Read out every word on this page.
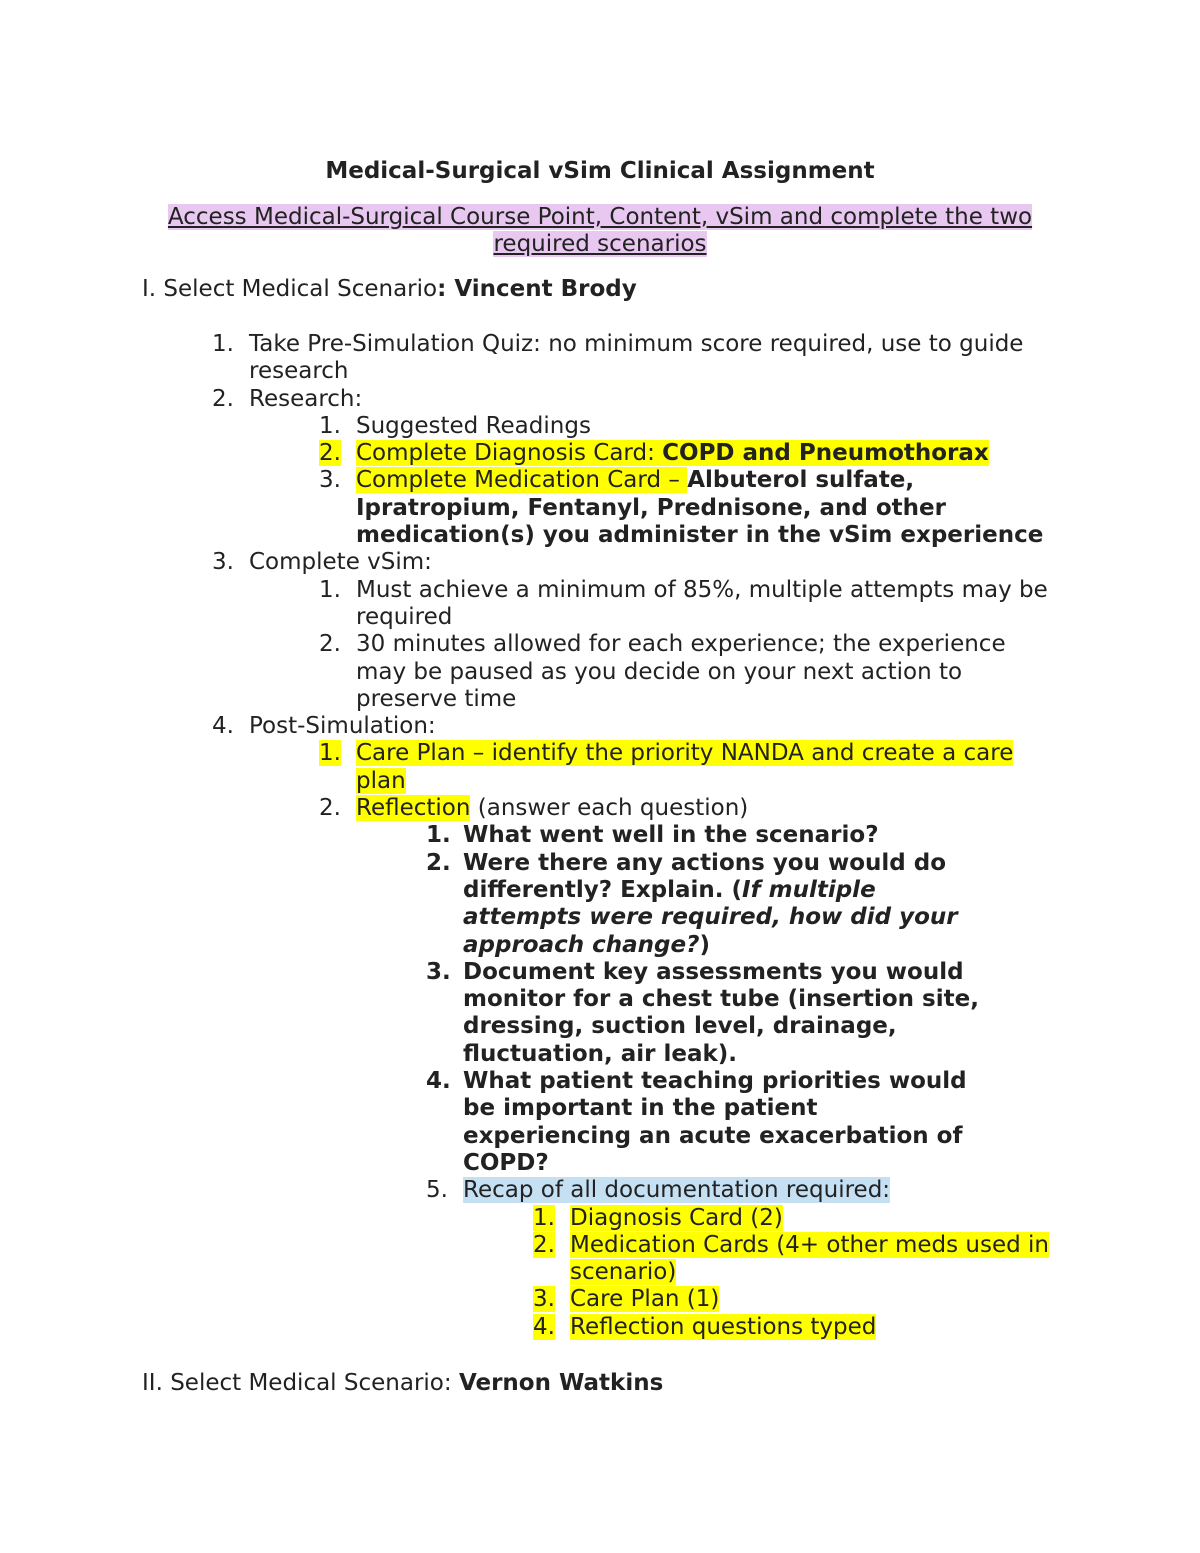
Medical-Surgical vSim Clinical Assignment

Access Medical-Surgical Course Point, Content, vSim and complete the two required scenarios

I. Select Medical Scenario: Vincent Brody

1. Take Pre-Simulation Quiz: no minimum score required, use to guide research
2. Research:
1. Suggested Readings
2. Complete Diagnosis Card: COPD and Pneumothorax
3. Complete Medication Card – Albuterol sulfate, Ipratropium, Fentanyl, Prednisone, and other medication(s) you administer in the vSim experience
3. Complete vSim:
1. Must achieve a minimum of 85%, multiple attempts may be required
2. 30 minutes allowed for each experience; the experience may be paused as you decide on your next action to preserve time
4. Post-Simulation:
1. Care Plan – identify the priority NANDA and create a care plan
2. Reflection (answer each question)
1. What went well in the scenario?
2. Were there any actions you would do differently? Explain. (If multiple attempts were required, how did your approach change?)
3. Document key assessments you would monitor for a chest tube (insertion site, dressing, suction level, drainage, fluctuation, air leak).
4. What patient teaching priorities would be important in the patient experiencing an acute exacerbation of COPD?
5. Recap of all documentation required:
1. Diagnosis Card (2)
2. Medication Cards (4+ other meds used in scenario)
3. Care Plan (1)
4. Reflection questions typed

II. Select Medical Scenario: Vernon Watkins
